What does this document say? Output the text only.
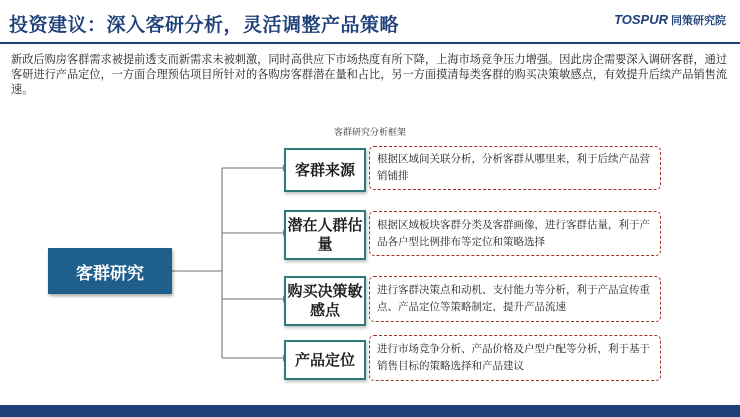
投资建议：深入客研分析，灵活调整产品策略	TOSPUR 同策研究院
新政后购房客群需求被提前透支而新需求未被刺激，同时高供应下市场热度有所下降，上海市场竞争压力增强。因此房企需要深入调研客群，通过客研进行产品定位，一方面合理预估项目所针对的各购房客群潜在量和占比，另一方面摸清每类客群的购买决策敏感点，有效提升后续产品销售流速。
客群研究分析框架
客群研究
客群来源
根据区域间关联分析，分析客群从哪里来，利于后续产品营销铺排
潜在人群估量
根据区域板块客群分类及客群画像，进行客群估量，利于产品各户型比例排布等定位和策略选择
购买决策敏感点
进行客群决策点和动机、支付能力等分析，利于产品宣传重点、产品定位等策略制定，提升产品流速
产品定位
进行市场竞争分析、产品价格及户型户配等分析，利于基于销售目标的策略选择和产品建议
